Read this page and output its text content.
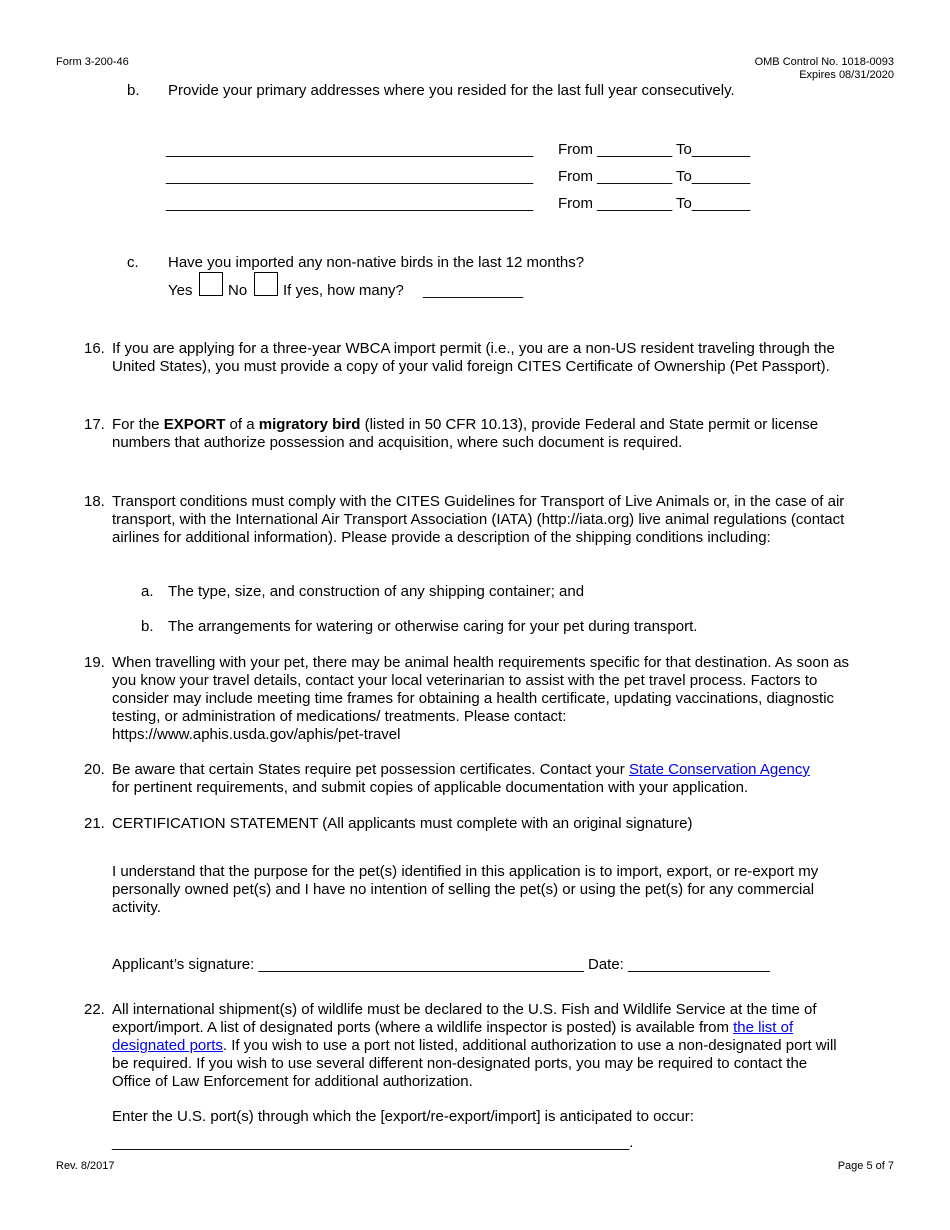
Form 3-200-46	OMB Control No. 1018-0093
Expires 08/31/2020
b. Provide your primary addresses where you resided for the last full year consecutively.
____________________________________________ From _________ To_______
____________________________________________ From _________ To_______
____________________________________________ From _________ To_______
c. Have you imported any non-native birds in the last 12 months?
Yes No If yes, how many? ____________
16. If you are applying for a three-year WBCA import permit (i.e., you are a non-US resident traveling through the United States), you must provide a copy of your valid foreign CITES Certificate of Ownership (Pet Passport).
17. For the EXPORT of a migratory bird (listed in 50 CFR 10.13), provide Federal and State permit or license numbers that authorize possession and acquisition, where such document is required.
18. Transport conditions must comply with the CITES Guidelines for Transport of Live Animals or, in the case of air transport, with the International Air Transport Association (IATA) (http://iata.org) live animal regulations (contact airlines for additional information). Please provide a description of the shipping conditions including:
a. The type, size, and construction of any shipping container; and
b. The arrangements for watering or otherwise caring for your pet during transport.
19. When travelling with your pet, there may be animal health requirements specific for that destination. As soon as you know your travel details, contact your local veterinarian to assist with the pet travel process. Factors to consider may include meeting time frames for obtaining a health certificate, updating vaccinations, diagnostic testing, or administration of medications/ treatments. Please contact:
https://www.aphis.usda.gov/aphis/pet-travel
20. Be aware that certain States require pet possession certificates. Contact your State Conservation Agency
for pertinent requirements, and submit copies of applicable documentation with your application.
21. CERTIFICATION STATEMENT (All applicants must complete with an original signature)
I understand that the purpose for the pet(s) identified in this application is to import, export, or re-export my personally owned pet(s) and I have no intention of selling the pet(s) or using the pet(s) for any commercial activity.
Applicant’s signature: _______________________________________ Date: _________________
22. All international shipment(s) of wildlife must be declared to the U.S. Fish and Wildlife Service at the time of export/import. A list of designated ports (where a wildlife inspector is posted) is available from the list of designated ports. If you wish to use a port not listed, additional authorization to use a non-designated port will be required. If you wish to use several different non-designated ports, you may be required to contact the Office of Law Enforcement for additional authorization.
Enter the U.S. port(s) through which the [export/re-export/import] is anticipated to occur:
______________________________________________________________.
Rev. 8/2017	Page 5 of 7
